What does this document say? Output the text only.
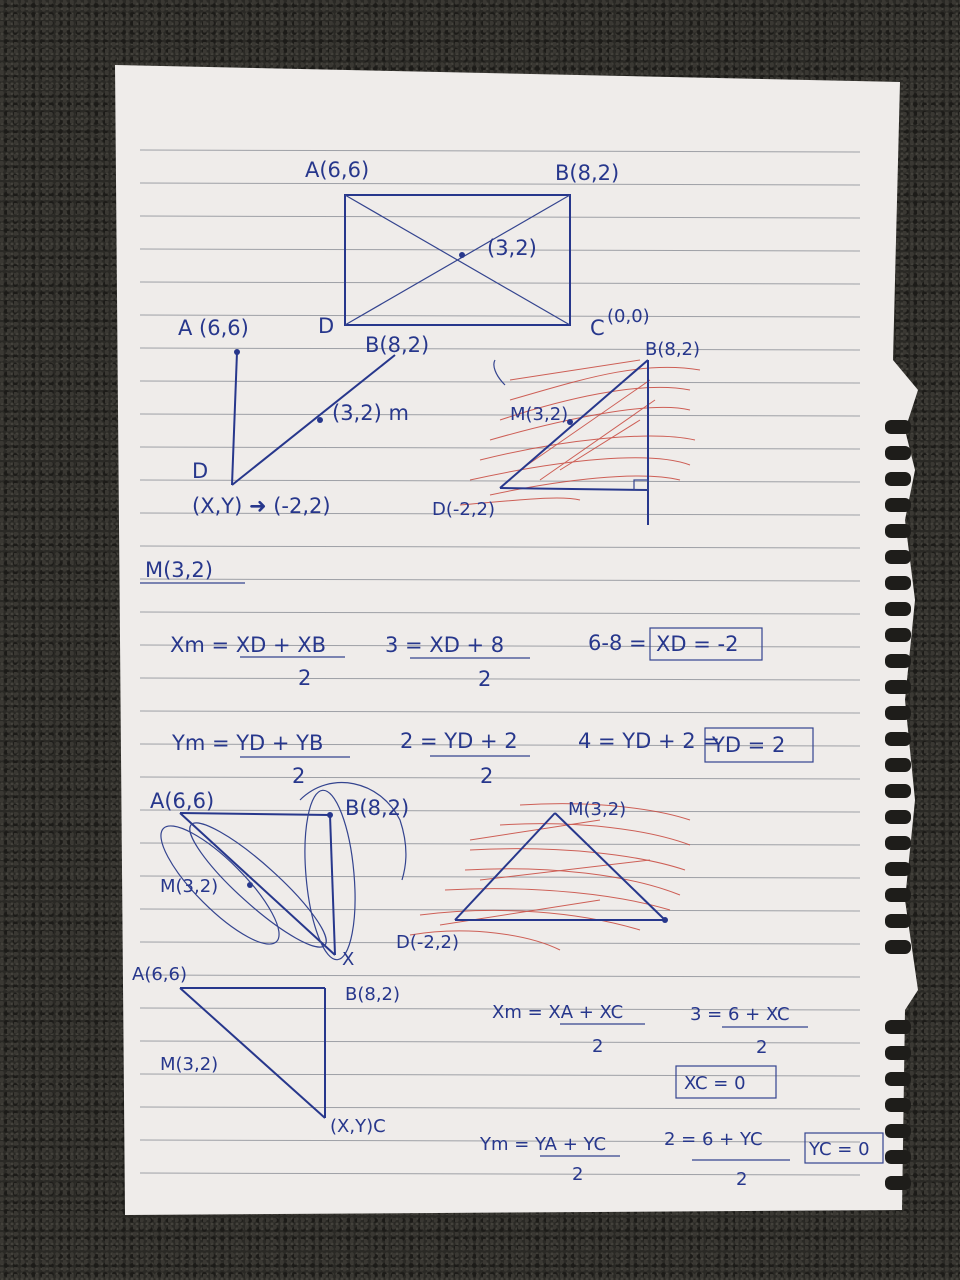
A(6,6)	B(8,2)
(3,2)
C (0,0)
D
A (6,6)
B(8,2)
(3,2) m
D
(X,Y) ➜ (-2,2)
B(8,2)
M(3,2)
D(-2,2)
M(3,2)
Xm = XD + XB
2
3 = XD + 8
2
6-8 = XD = -2
Ym = YD + YB
2
2 = YD + 2
2
4 = YD + 2 =
YD = 2
A(6,6)	B(8,2)
M(3,2)
X
M(3,2)
D(-2,2)
A(6,6)
B(8,2)
M(3,2)
(X,Y)C
Xm = XA + XC
2
3 = 6 + XC
2
XC = 0
Ym = YA + YC
2
2 = 6 + YC
2
YC = 0
